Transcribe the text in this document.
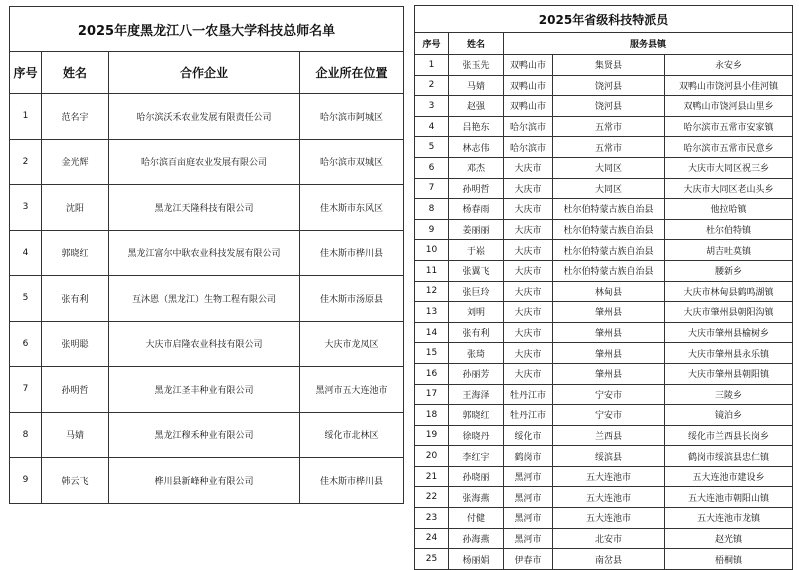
2025年度黑龙江八一农垦大学科技总师名单			
序号	姓名	合作企业	企业所在位置
1	范名宇	哈尔滨沃禾农业发展有限责任公司	哈尔滨市阿城区
2	金光辉	哈尔滨百亩庭农业发展有限公司	哈尔滨市双城区
3	沈阳	黑龙江天隆科技有限公司	佳木斯市东风区
4	郭晓红	黑龙江富尔中耿农业科技发展有限公司	佳木斯市桦川县
5	张有利	互沐恩（黑龙江）生物工程有限公司	佳木斯市汤原县
6	张明聪	大庆市启隆农业科技有限公司	大庆市龙凤区
7	孙明哲	黑龙江圣丰种业有限公司	黑河市五大连池市
8	马婧	黑龙江穆禾种业有限公司	绥化市北林区
9	韩云飞	桦川县新峰种业有限公司	佳木斯市桦川县
2025年省级科技特派员				
序号	姓名	服务县镇		
1	张玉先	双鸭山市	集贤县	永安乡
2	马婧	双鸭山市	饶河县	双鸭山市饶河县小佳河镇
3	赵强	双鸭山市	饶河县	双鸭山市饶河县山里乡
4	吕艳东	哈尔滨市	五常市	哈尔滨市五常市安家镇
5	林志伟	哈尔滨市	五常市	哈尔滨市五常市民意乡
6	邓杰	大庆市	大同区	大庆市大同区祝三乡
7	孙明哲	大庆市	大同区	大庆市大同区老山头乡
8	杨春雨	大庆市	杜尔伯特蒙古族自治县	他拉哈镇
9	姜丽丽	大庆市	杜尔伯特蒙古族自治县	杜尔伯特镇
10	于崧	大庆市	杜尔伯特蒙古族自治县	胡吉吐莫镇
11	张翼飞	大庆市	杜尔伯特蒙古族自治县	腰新乡
12	张巨玲	大庆市	林甸县	大庆市林甸县鹤鸣湖镇
13	刘明	大庆市	肇州县	大庆市肇州县朝阳沟镇
14	张有利	大庆市	肇州县	大庆市肇州县榆树乡
15	张琦	大庆市	肇州县	大庆市肇州县永乐镇
16	孙丽芳	大庆市	肇州县	大庆市肇州县朝阳镇
17	王海泽	牡丹江市	宁安市	三陵乡
18	郭晓红	牡丹江市	宁安市	镜泊乡
19	徐晓丹	绥化市	兰西县	绥化市兰西县长岗乡
20	李红宇	鹤岗市	绥滨县	鹤岗市绥滨县忠仁镇
21	孙晓丽	黑河市	五大连池市	五大连池市建设乡
22	张海燕	黑河市	五大连池市	五大连池市朝阳山镇
23	付健	黑河市	五大连池市	五大连池市龙镇
24	孙海燕	黑河市	北安市	赵光镇
25	杨丽娟	伊春市	南岔县	梧桐镇
